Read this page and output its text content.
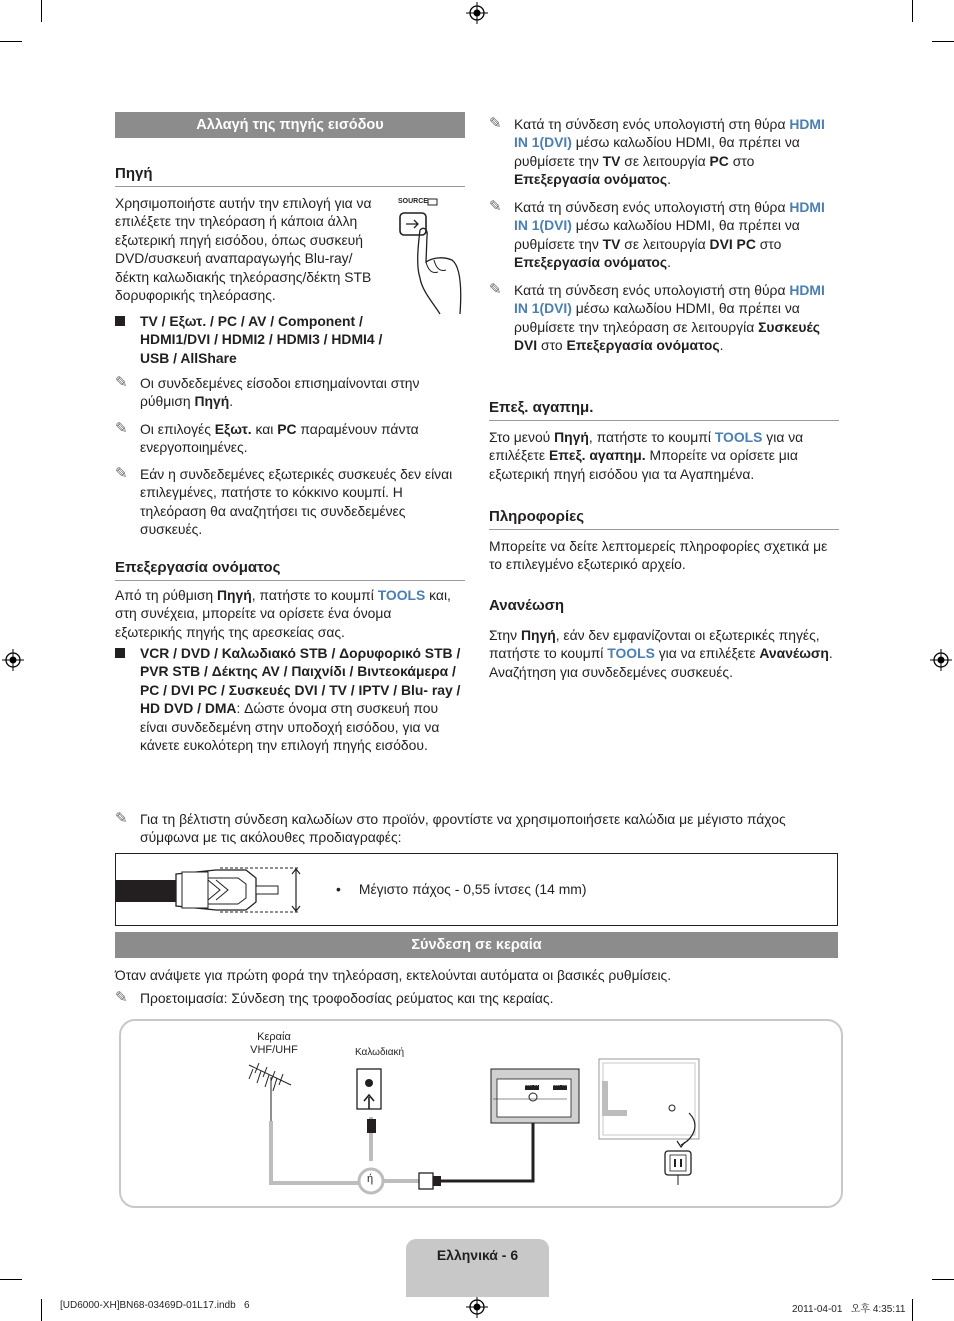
Αλλαγή της πηγής εισόδου
Πηγή
Χρησιμοποιήστε αυτήν την επιλογή για να επιλέξετε την τηλεόραση ή κάποια άλλη εξωτερική πηγή εισόδου, όπως συσκευή DVD/συσκευή αναπαραγωγής Blu-ray/δέκτη καλωδιακής τηλεόρασης/δέκτη STB δορυφορικής τηλεόρασης.
SOURCE
TV / Εξωτ. / PC / AV / Component / HDMI1/DVI / HDMI2 / HDMI3 / HDMI4 / USB / AllShare
✎ Οι συνδεδεμένες είσοδοι επισημαίνονται στην ρύθμιση Πηγή.
✎ Οι επιλογές Εξωτ. και PC παραμένουν πάντα ενεργοποιημένες.
✎ Εάν η συνδεδεμένες εξωτερικές συσκευές δεν είναι επιλεγμένες, πατήστε το κόκκινο κουμπί. Η τηλεόραση θα αναζητήσει τις συνδεδεμένες συσκευές.
Επεξεργασία ονόματος
Από τη ρύθμιση Πηγή, πατήστε το κουμπί TOOLS και, στη συνέχεια, μπορείτε να ορίσετε ένα όνομα εξωτερικής πηγής της αρεσκείας σας.
VCR / DVD / Καλωδιακό STB / Δορυφορικό STB / PVR STB / Δέκτης AV / Παιχνίδι / Βιντεοκάμερα / PC / DVI PC / Συσκευές DVI / TV / IPTV / Blu- ray / HD DVD / DMA: Δώστε όνομα στη συσκευή που είναι συνδεδεμένη στην υποδοχή εισόδου, για να κάνετε ευκολότερη την επιλογή πηγής εισόδου.
✎ Κατά τη σύνδεση ενός υπολογιστή στη θύρα HDMI IN 1(DVI) μέσω καλωδίου HDMI, θα πρέπει να ρυθμίσετε την TV σε λειτουργία PC στο Επεξεργασία ονόματος.
✎ Κατά τη σύνδεση ενός υπολογιστή στη θύρα HDMI IN 1(DVI) μέσω καλωδίου HDMI, θα πρέπει να ρυθμίσετε την TV σε λειτουργία DVI PC στο Επεξεργασία ονόματος.
✎ Κατά τη σύνδεση ενός υπολογιστή στη θύρα HDMI IN 1(DVI) μέσω καλωδίου HDMI, θα πρέπει να ρυθμίσετε την τηλεόραση σε λειτουργία Συσκευές DVI στο Επεξεργασία ονόματος.
Επεξ. αγαπημ.
Στο μενού Πηγή, πατήστε το κουμπί TOOLS για να επιλέξετε Επεξ. αγαπημ. Μπορείτε να ορίσετε μια εξωτερική πηγή εισόδου για τα Αγαπημένα.
Πληροφορίες
Μπορείτε να δείτε λεπτομερείς πληροφορίες σχετικά με το επιλεγμένο εξωτερικό αρχείο.
Ανανέωση
Στην Πηγή, εάν δεν εμφανίζονται οι εξωτερικές πηγές, πατήστε το κουμπί TOOLS για να επιλέξετε Ανανέωση. Αναζήτηση για συνδεδεμένες συσκευές.
✎ Για τη βέλτιστη σύνδεση καλωδίων στο προϊόν, φροντίστε να χρησιμοποιήσετε καλώδια με μέγιστο πάχος σύμφωνα με τις ακόλουθες προδιαγραφές:
• Μέγιστο πάχος - 0,55 ίντσες (14 mm)
Σύνδεση σε κεραία
Όταν ανάψετε για πρώτη φορά την τηλεόραση, εκτελούνται αυτόματα οι βασικές ρυθμίσεις.
✎ Προετοιμασία: Σύνδεση της τροφοδοσίας ρεύματος και της κεραίας.
Κεραία
VHF/UHF	Καλωδιακή
ή
ANT IN	ANT OUT
Ελληνικά - 6
[UD6000-XH]BN68-03469D-01L17.indb   6	2011-04-01   오후 4:35:11
